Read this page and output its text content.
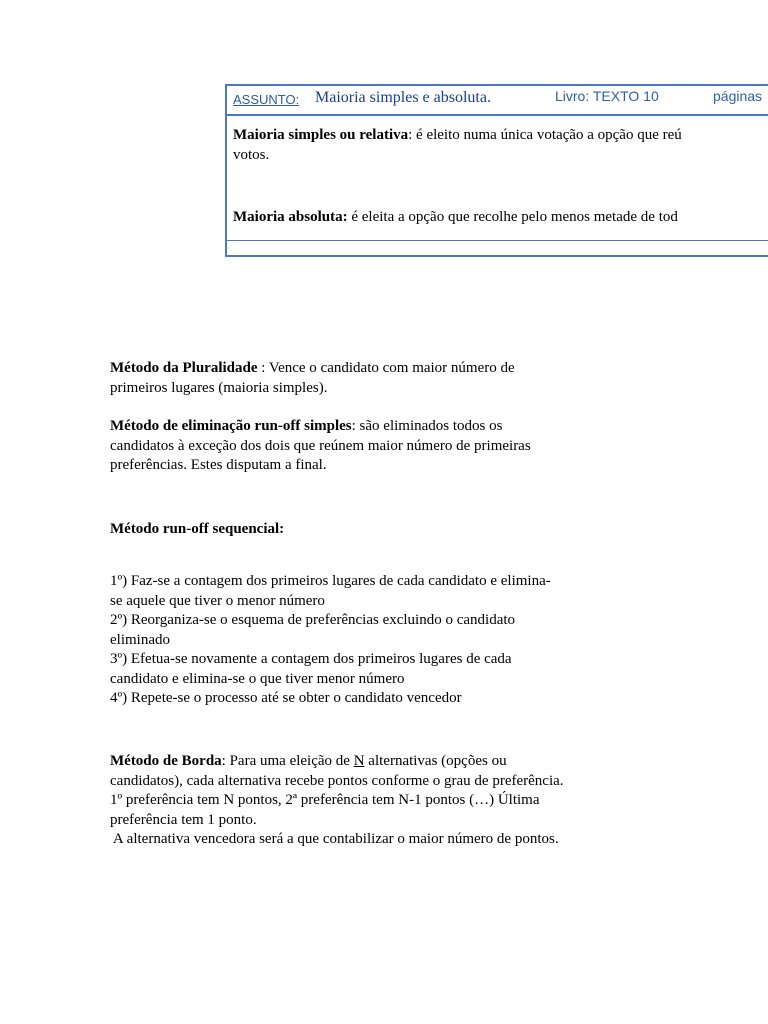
ASSUNTO: Maioria simples e absoluta.	Livro: TEXTO 10	páginas
Maioria simples ou relativa: é eleito numa única votação a opção que reú
votos.
Maioria absoluta: é eleita a opção que recolhe pelo menos metade de tod
Método da Pluralidade : Vence o candidato com maior número de
primeiros lugares (maioria simples).
Método de eliminação run-off simples: são eliminados todos os
candidatos à exceção dos dois que reúnem maior número de primeiras
preferências. Estes disputam a final.
Método run-off sequencial:
1º) Faz-se a contagem dos primeiros lugares de cada candidato e elimina-
se aquele que tiver o menor número
2º) Reorganiza-se o esquema de preferências excluindo o candidato
eliminado
3º) Efetua-se novamente a contagem dos primeiros lugares de cada
candidato e elimina-se o que tiver menor número
4º) Repete-se o processo até se obter o candidato vencedor
Método de Borda: Para uma eleição de N alternativas (opções ou
candidatos), cada alternativa recebe pontos conforme o grau de preferência.
1º preferência tem N pontos, 2ª preferência tem N-1 pontos (…) Última
preferência tem 1 ponto.
A alternativa vencedora será a que contabilizar o maior número de pontos.
